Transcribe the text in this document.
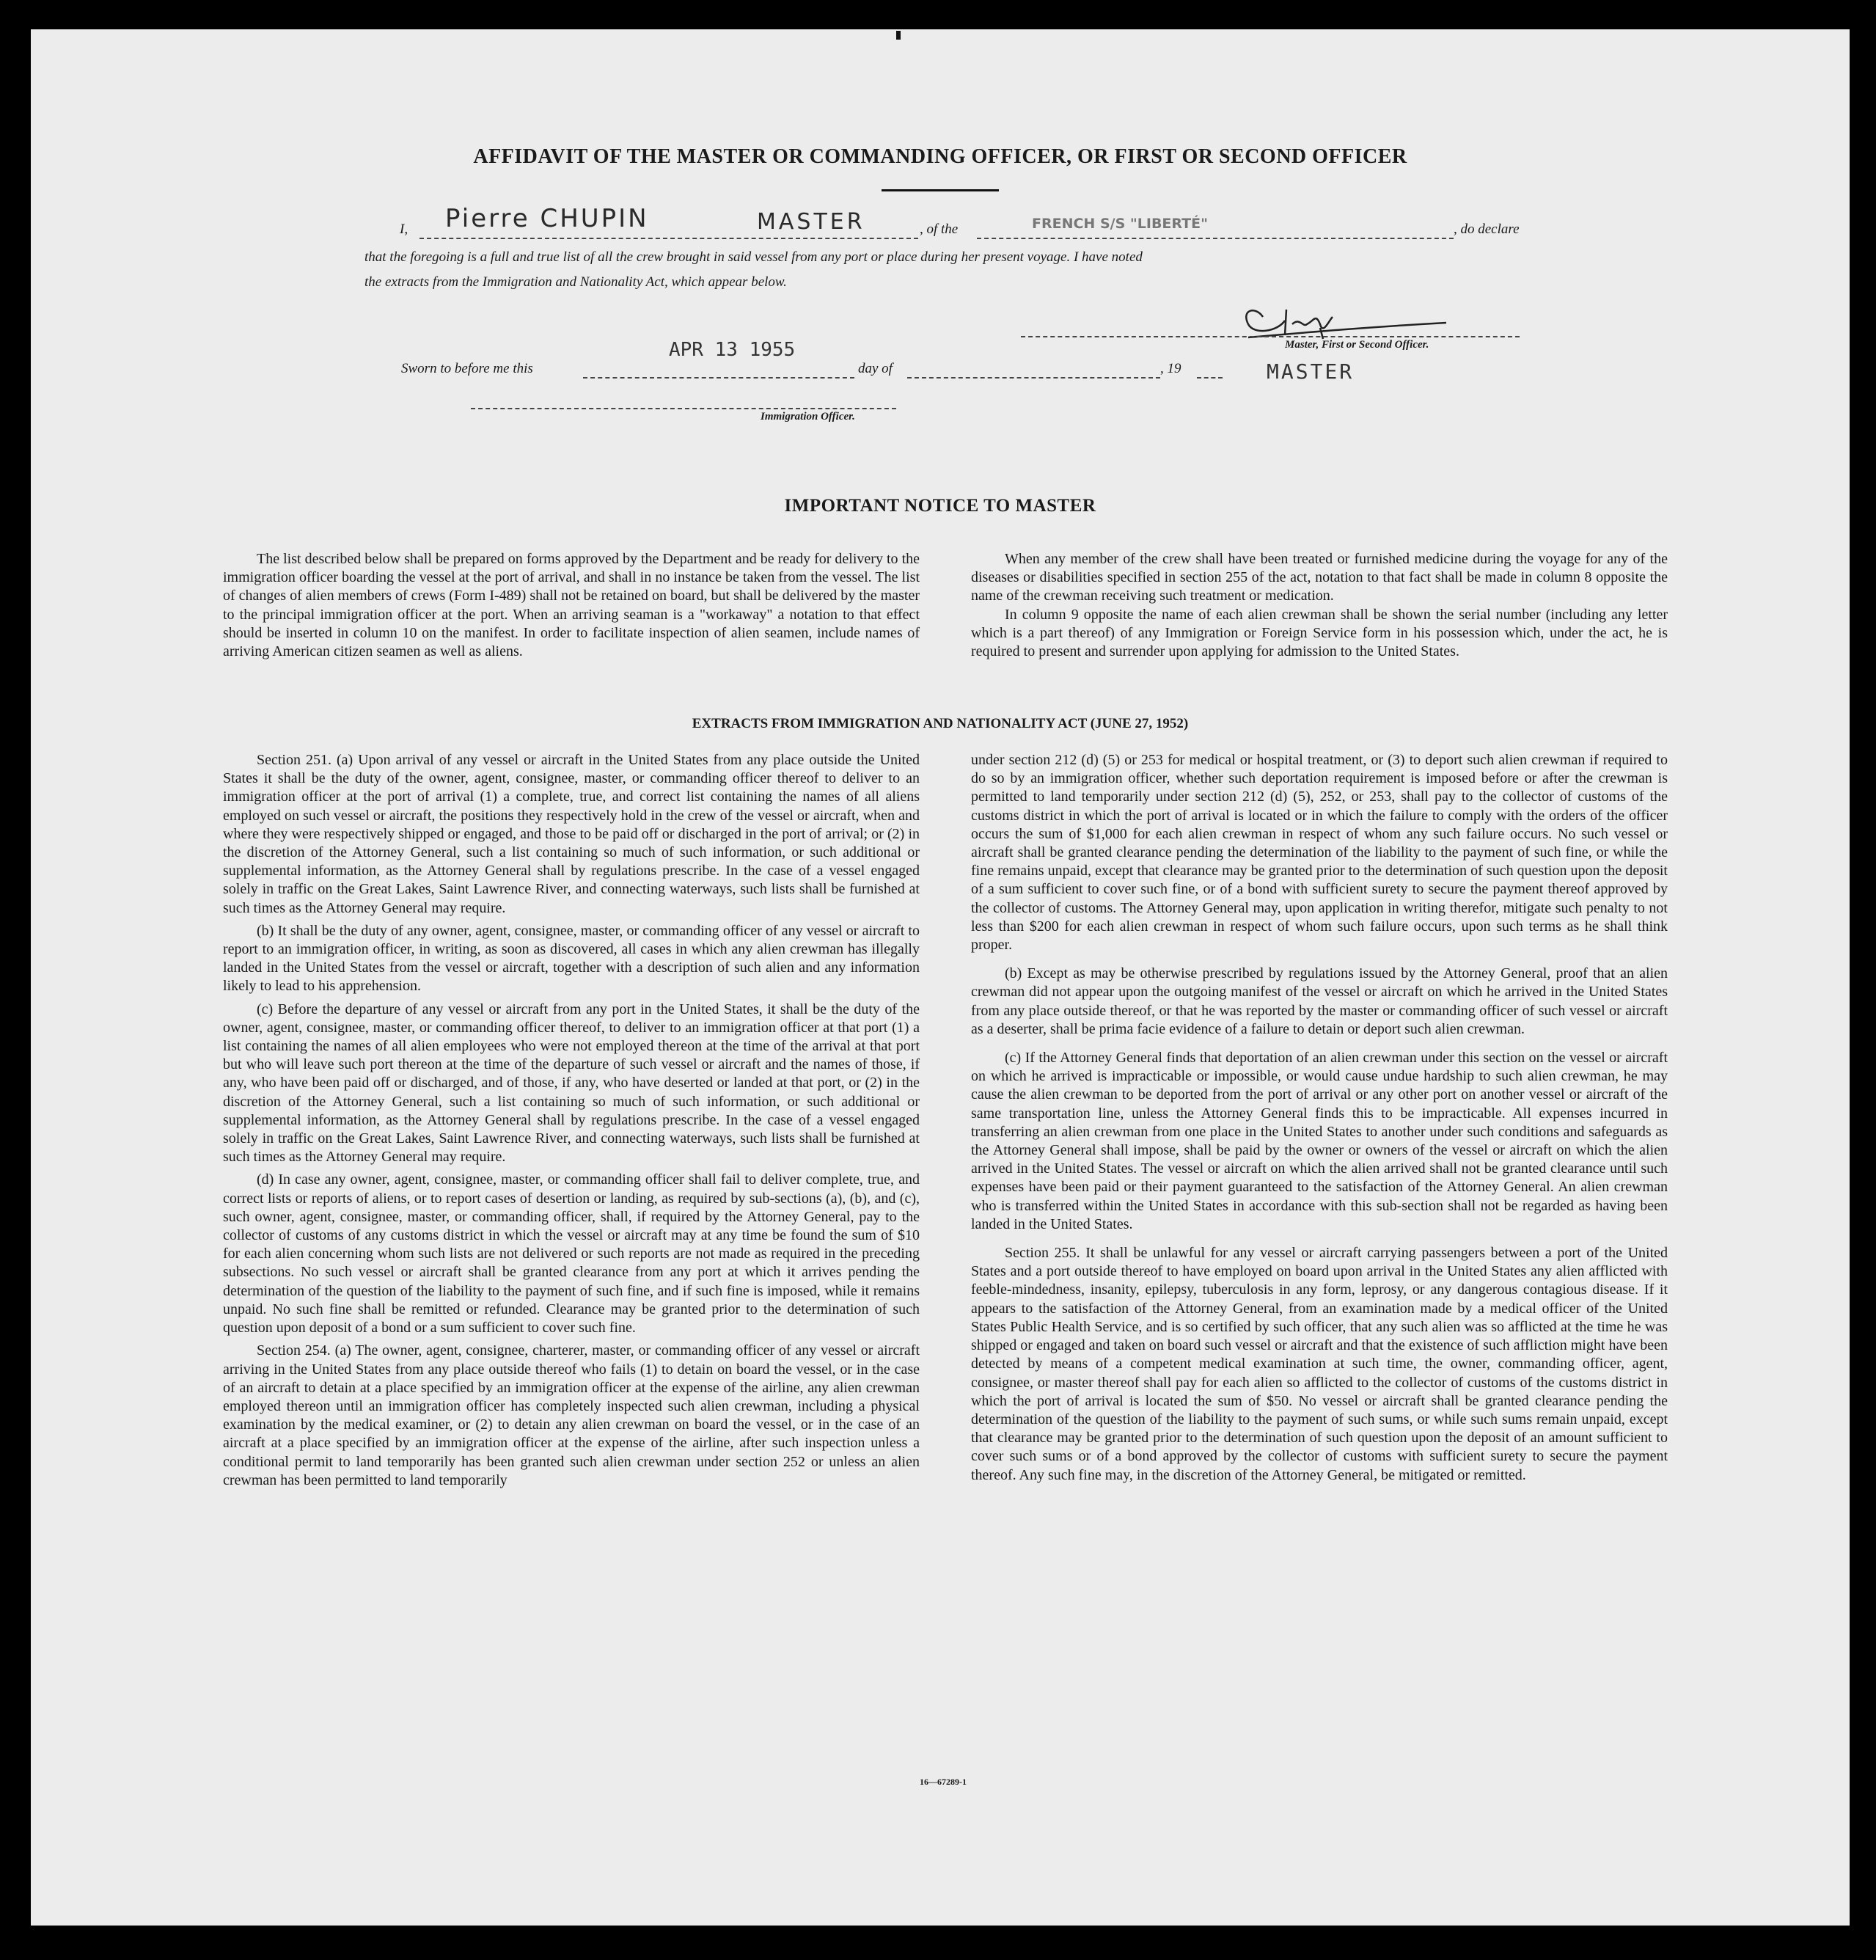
AFFIDAVIT OF THE MASTER OR COMMANDING OFFICER, OR FIRST OR SECOND OFFICER
I, Pierre CHUPIN	MASTER	, of the	FRENCH S/S "LIBERTÉ"	, do declare
that the foregoing is a full and true list of all the crew brought in said vessel from any port or place during her present voyage. I have noted
the extracts from the Immigration and Nationality Act, which appear below.
Master, First or Second Officer.
Sworn to before me this
APR 13 1955
day of	, 19	MASTER
Immigration Officer.
IMPORTANT NOTICE TO MASTER

The list described below shall be prepared on forms approved by the Department and be ready for delivery to the immigration officer boarding the vessel at the port of arrival, and shall in no instance be taken from the vessel. The list of changes of alien members of crews (Form I-489) shall not be retained on board, but shall be delivered by the master to the principal immigration officer at the port. When an arriving seaman is a "workaway" a notation to that effect should be inserted in column 10 on the manifest. In order to facilitate inspection of alien seamen, include names of arriving American citizen seamen as well as aliens.

When any member of the crew shall have been treated or furnished medicine during the voyage for any of the diseases or disabilities specified in section 255 of the act, notation to that fact shall be made in column 8 opposite the name of the crewman receiving such treatment or medication.

In column 9 opposite the name of each alien crewman shall be shown the serial number (including any letter which is a part thereof) of any Immigration or Foreign Service form in his possession which, under the act, he is required to present and surrender upon applying for admission to the United States.

EXTRACTS FROM IMMIGRATION AND NATIONALITY ACT (JUNE 27, 1952)

Section 251. (a) Upon arrival of any vessel or aircraft in the United States from any place outside the United States it shall be the duty of the owner, agent, consignee, master, or commanding officer thereof to deliver to an immigration officer at the port of arrival (1) a complete, true, and correct list containing the names of all aliens employed on such vessel or aircraft, the positions they respectively hold in the crew of the vessel or aircraft, when and where they were respectively shipped or engaged, and those to be paid off or discharged in the port of arrival; or (2) in the discretion of the Attorney General, such a list containing so much of such information, or such additional or supplemental information, as the Attorney General shall by regulations prescribe. In the case of a vessel engaged solely in traffic on the Great Lakes, Saint Lawrence River, and connecting waterways, such lists shall be furnished at such times as the Attorney General may require.

(b) It shall be the duty of any owner, agent, consignee, master, or commanding officer of any vessel or aircraft to report to an immigration officer, in writing, as soon as discovered, all cases in which any alien crewman has illegally landed in the United States from the vessel or aircraft, together with a description of such alien and any information likely to lead to his apprehension.

(c) Before the departure of any vessel or aircraft from any port in the United States, it shall be the duty of the owner, agent, consignee, master, or commanding officer thereof, to deliver to an immigration officer at that port (1) a list containing the names of all alien employees who were not employed thereon at the time of the arrival at that port but who will leave such port thereon at the time of the departure of such vessel or aircraft and the names of those, if any, who have been paid off or discharged, and of those, if any, who have deserted or landed at that port, or (2) in the discretion of the Attorney General, such a list containing so much of such information, or such additional or supplemental information, as the Attorney General shall by regulations prescribe. In the case of a vessel engaged solely in traffic on the Great Lakes, Saint Lawrence River, and connecting waterways, such lists shall be furnished at such times as the Attorney General may require.

(d) In case any owner, agent, consignee, master, or commanding officer shall fail to deliver complete, true, and correct lists or reports of aliens, or to report cases of desertion or landing, as required by sub-sections (a), (b), and (c), such owner, agent, consignee, master, or commanding officer, shall, if required by the Attorney General, pay to the collector of customs of any customs district in which the vessel or aircraft may at any time be found the sum of $10 for each alien concerning whom such lists are not delivered or such reports are not made as required in the preceding subsections. No such vessel or aircraft shall be granted clearance from any port at which it arrives pending the determination of the question of the liability to the payment of such fine, and if such fine is imposed, while it remains unpaid. No such fine shall be remitted or refunded. Clearance may be granted prior to the determination of such question upon deposit of a bond or a sum sufficient to cover such fine.

Section 254. (a) The owner, agent, consignee, charterer, master, or commanding officer of any vessel or aircraft arriving in the United States from any place outside thereof who fails (1) to detain on board the vessel, or in the case of an aircraft to detain at a place specified by an immigration officer at the expense of the airline, any alien crewman employed thereon until an immigration officer has completely inspected such alien crewman, including a physical examination by the medical examiner, or (2) to detain any alien crewman on board the vessel, or in the case of an aircraft at a place specified by an immigration officer at the expense of the airline, after such inspection unless a conditional permit to land temporarily has been granted such alien crewman under section 252 or unless an alien crewman has been permitted to land temporarily

under section 212 (d) (5) or 253 for medical or hospital treatment, or (3) to deport such alien crewman if required to do so by an immigration officer, whether such deportation requirement is imposed before or after the crewman is permitted to land temporarily under section 212 (d) (5), 252, or 253, shall pay to the collector of customs of the customs district in which the port of arrival is located or in which the failure to comply with the orders of the officer occurs the sum of $1,000 for each alien crewman in respect of whom any such failure occurs. No such vessel or aircraft shall be granted clearance pending the determination of the liability to the payment of such fine, or while the fine remains unpaid, except that clearance may be granted prior to the determination of such question upon the deposit of a sum sufficient to cover such fine, or of a bond with sufficient surety to secure the payment thereof approved by the collector of customs. The Attorney General may, upon application in writing therefor, mitigate such penalty to not less than $200 for each alien crewman in respect of whom such failure occurs, upon such terms as he shall think proper.

(b) Except as may be otherwise prescribed by regulations issued by the Attorney General, proof that an alien crewman did not appear upon the outgoing manifest of the vessel or aircraft on which he arrived in the United States from any place outside thereof, or that he was reported by the master or commanding officer of such vessel or aircraft as a deserter, shall be prima facie evidence of a failure to detain or deport such alien crewman.

(c) If the Attorney General finds that deportation of an alien crewman under this section on the vessel or aircraft on which he arrived is impracticable or impossible, or would cause undue hardship to such alien crewman, he may cause the alien crewman to be deported from the port of arrival or any other port on another vessel or aircraft of the same transportation line, unless the Attorney General finds this to be impracticable. All expenses incurred in transferring an alien crewman from one place in the United States to another under such conditions and safeguards as the Attorney General shall impose, shall be paid by the owner or owners of the vessel or aircraft on which the alien arrived in the United States. The vessel or aircraft on which the alien arrived shall not be granted clearance until such expenses have been paid or their payment guaranteed to the satisfaction of the Attorney General. An alien crewman who is transferred within the United States in accordance with this sub-section shall not be regarded as having been landed in the United States.

Section 255. It shall be unlawful for any vessel or aircraft carrying passengers between a port of the United States and a port outside thereof to have employed on board upon arrival in the United States any alien afflicted with feeble-mindedness, insanity, epilepsy, tuberculosis in any form, leprosy, or any dangerous contagious disease. If it appears to the satisfaction of the Attorney General, from an examination made by a medical officer of the United States Public Health Service, and is so certified by such officer, that any such alien was so afflicted at the time he was shipped or engaged and taken on board such vessel or aircraft and that the existence of such affliction might have been detected by means of a competent medical examination at such time, the owner, commanding officer, agent, consignee, or master thereof shall pay for each alien so afflicted to the collector of customs of the customs district in which the port of arrival is located the sum of $50. No vessel or aircraft shall be granted clearance pending the determination of the question of the liability to the payment of such sums, or while such sums remain unpaid, except that clearance may be granted prior to the determination of such question upon the deposit of an amount sufficient to cover such sums or of a bond approved by the collector of customs with sufficient surety to secure the payment thereof. Any such fine may, in the discretion of the Attorney General, be mitigated or remitted.

16—67289-1
